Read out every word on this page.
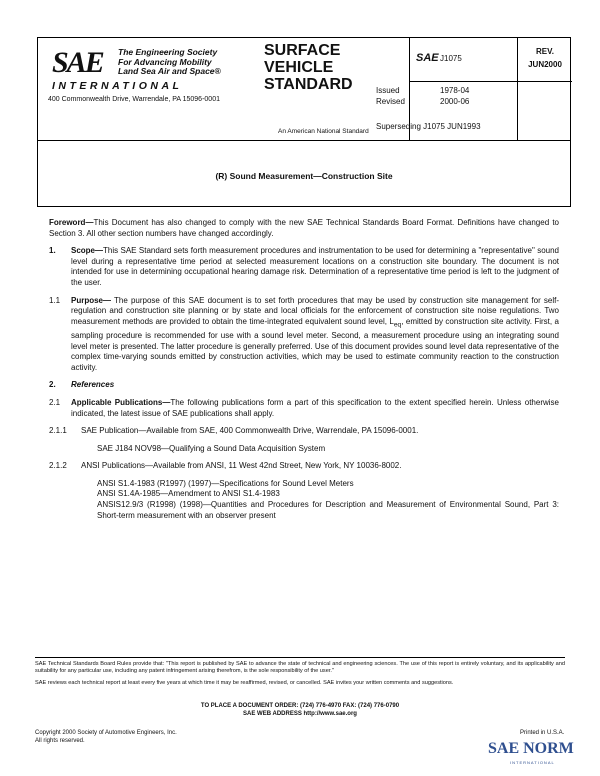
SAE The Engineering Society
For Advancing Mobility
Land Sea Air and Space®
INTERNATIONAL
400 Commonwealth Drive, Warrendale, PA 15096-0001
SURFACE
VEHICLE
STANDARD
An American National Standard
SAE J1075
REV.
JUN2000
Issued	1978-04
Revised	2000-06
Superseding J1075 JUN1993
(R) Sound Measurement—Construction Site

Foreword—This Document has also changed to comply with the new SAE Technical Standards Board Format. Definitions have changed to Section 3. All other section numbers have changed accordingly.

1. Scope—This SAE Standard sets forth measurement procedures and instrumentation to be used for determining a "representative" sound level during a representative time period at selected measurement locations on a construction site boundary. The document is not intended for use in determining occupational hearing damage risk. Determination of a representative time period is left to the judgment of the user.

1.1 Purpose— The purpose of this SAE document is to set forth procedures that may be used by construction site management for self-regulation and construction site planning or by state and local officials for the enforcement of construction site noise regulations. Two measurement methods are provided to obtain the time-integrated equivalent sound level, $L_{eq}$, emitted by construction site activity. First, a sampling procedure is recommended for use with a sound level meter. Second, a measurement procedure using an integrating sound level meter is presented. The latter procedure is generally preferred. Use of this document provides sound level data representative of the complex time-varying sounds emitted by construction activities, which may be used to estimate community reaction to the construction activity.

2. References

2.1 Applicable Publications—The following publications form a part of this specification to the extent specified herein. Unless otherwise indicated, the latest issue of SAE publications shall apply.

2.1.1 SAE Publication—Available from SAE, 400 Commonwealth Drive, Warrendale, PA 15096-0001.

SAE J184 NOV98—Qualifying a Sound Data Acquisition System

2.1.2 ANSI Publications—Available from ANSI, 11 West 42nd Street, New York, NY 10036-8002.

ANSI S1.4-1983 (R1997) (1997)—Specifications for Sound Level Meters

ANSI S1.4A-1985—Amendment to ANSI S1.4-1983

ANSIS12.9/3 (R1998) (1998)—Quantities and Procedures for Description and Measurement of Environmental Sound, Part 3: Short-term measurement with an observer present

SAE Technical Standards Board Rules provide that: "This report is published by SAE to advance the state of technical and engineering sciences. The use of this report is entirely voluntary, and its applicability and suitability for any particular use, including any patent infringement arising therefrom, is the sole responsibility of the user."

SAE reviews each technical report at least every five years at which time it may be reaffirmed, revised, or cancelled. SAE invites your written comments and suggestions.

TO PLACE A DOCUMENT ORDER: (724) 776-4970 FAX: (724) 776-0790
SAE WEB ADDRESS http://www.sae.org
Copyright 2000 Society of Automotive Engineers, Inc.
All rights reserved.
Printed in U.S.A.
SAE NORM
INTERNATIONAL
